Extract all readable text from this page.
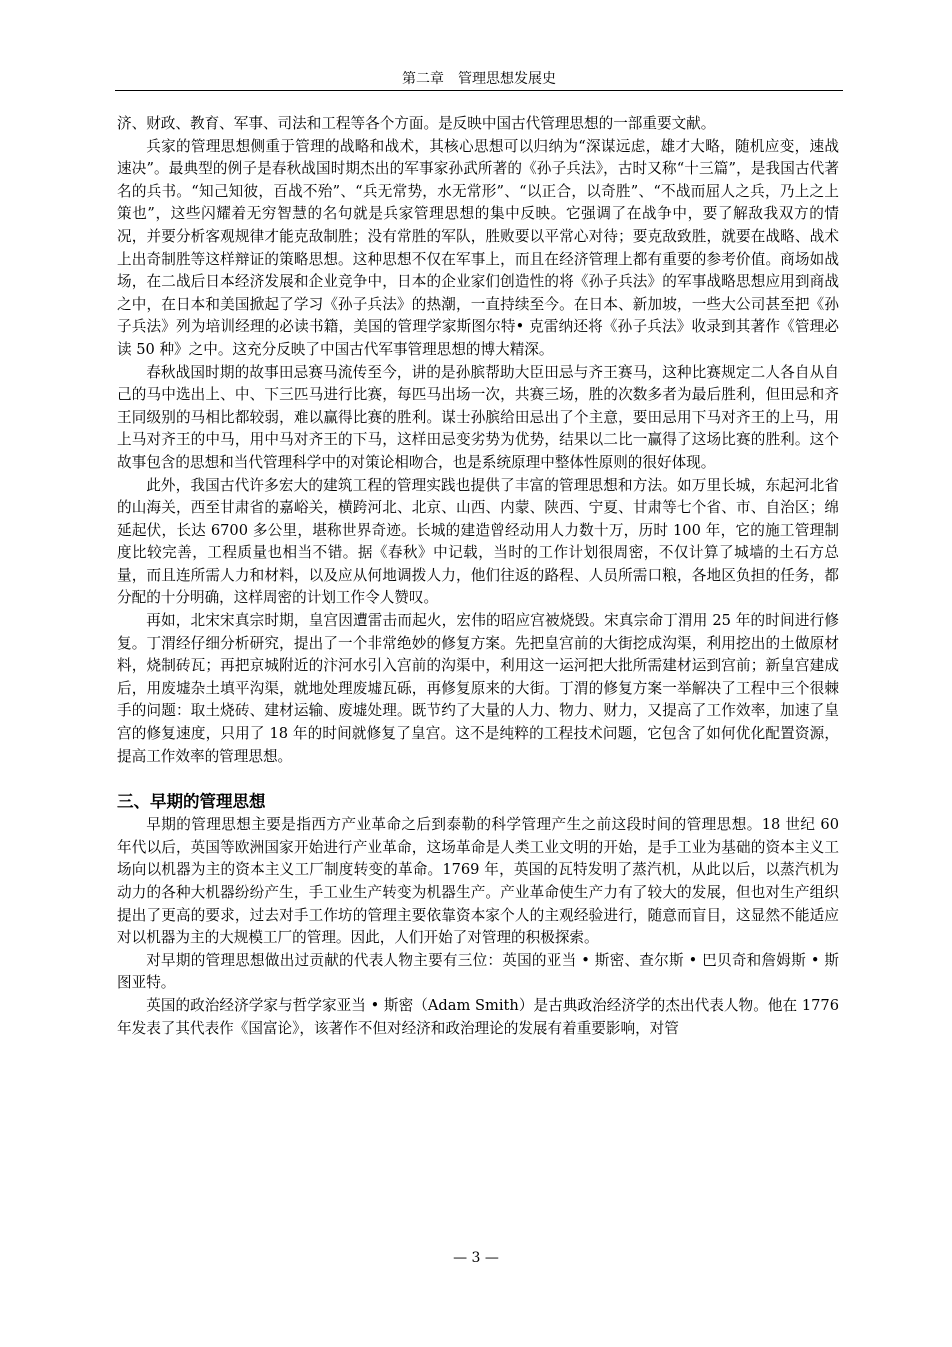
第二章　管理思想发展史

济、财政、教育、军事、司法和工程等各个方面。是反映中国古代管理思想的一部重要文献。

兵家的管理思想侧重于管理的战略和战术，其核心思想可以归纳为“深谋远虑，雄才大略，随机应变，速战速决”。最典型的例子是春秋战国时期杰出的军事家孙武所著的《孙子兵法》，古时又称“十三篇”，是我国古代著名的兵书。“知己知彼，百战不殆”、“兵无常势，水无常形”、“以正合，以奇胜”、“不战而屈人之兵，乃上之上策也”，这些闪耀着无穷智慧的名句就是兵家管理思想的集中反映。它强调了在战争中，要了解敌我双方的情况，并要分析客观规律才能克敌制胜；没有常胜的军队，胜败要以平常心对待；要克敌致胜，就要在战略、战术上出奇制胜等这样辩证的策略思想。这种思想不仅在军事上，而且在经济管理上都有重要的参考价值。商场如战场，在二战后日本经济发展和企业竞争中，日本的企业家们创造性的将《孙子兵法》的军事战略思想应用到商战之中，在日本和美国掀起了学习《孙子兵法》的热潮，一直持续至今。在日本、新加坡，一些大公司甚至把《孙子兵法》列为培训经理的必读书籍，美国的管理学家斯图尔特• 克雷纳还将《孙子兵法》收录到其著作《管理必读 50 种》之中。这充分反映了中国古代军事管理思想的博大精深。

春秋战国时期的故事田忌赛马流传至今，讲的是孙膑帮助大臣田忌与齐王赛马，这种比赛规定二人各自从自己的马中选出上、中、下三匹马进行比赛，每匹马出场一次，共赛三场，胜的次数多者为最后胜利，但田忌和齐王同级别的马相比都较弱，难以赢得比赛的胜利。谋士孙膑给田忌出了个主意，要田忌用下马对齐王的上马，用上马对齐王的中马，用中马对齐王的下马，这样田忌变劣势为优势，结果以二比一赢得了这场比赛的胜利。这个故事包含的思想和当代管理科学中的对策论相吻合，也是系统原理中整体性原则的很好体现。

此外，我国古代许多宏大的建筑工程的管理实践也提供了丰富的管理思想和方法。如万里长城，东起河北省的山海关，西至甘肃省的嘉峪关，横跨河北、北京、山西、内蒙、陕西、宁夏、甘肃等七个省、市、自治区；绵延起伏，长达 6700 多公里，堪称世界奇迹。长城的建造曾经动用人力数十万，历时 100 年，它的施工管理制度比较完善，工程质量也相当不错。据《春秋》中记载，当时的工作计划很周密，不仅计算了城墙的土石方总量，而且连所需人力和材料，以及应从何地调拨人力，他们往返的路程、人员所需口粮，各地区负担的任务，都分配的十分明确，这样周密的计划工作令人赞叹。

再如，北宋宋真宗时期，皇宫因遭雷击而起火，宏伟的昭应宫被烧毁。宋真宗命丁渭用 25 年的时间进行修复。丁渭经仔细分析研究，提出了一个非常绝妙的修复方案。先把皇宫前的大街挖成沟渠，利用挖出的土做原材料，烧制砖瓦；再把京城附近的汴河水引入宫前的沟渠中，利用这一运河把大批所需建材运到宫前；新皇宫建成后，用废墟杂土填平沟渠，就地处理废墟瓦砾，再修复原来的大街。丁渭的修复方案一举解决了工程中三个很棘手的问题：取土烧砖、建材运输、废墟处理。既节约了大量的人力、物力、财力，又提高了工作效率，加速了皇宫的修复速度，只用了 18 年的时间就修复了皇宫。这不是纯粹的工程技术问题，它包含了如何优化配置资源，提高工作效率的管理思想。

三、早期的管理思想

早期的管理思想主要是指西方产业革命之后到泰勒的科学管理产生之前这段时间的管理思想。18 世纪 60 年代以后，英国等欧洲国家开始进行产业革命，这场革命是人类工业文明的开始，是手工业为基础的资本主义工场向以机器为主的资本主义工厂制度转变的革命。1769 年，英国的瓦特发明了蒸汽机，从此以后，以蒸汽机为动力的各种大机器纷纷产生，手工业生产转变为机器生产。产业革命使生产力有了较大的发展，但也对生产组织提出了更高的要求，过去对手工作坊的管理主要依靠资本家个人的主观经验进行，随意而盲目，这显然不能适应对以机器为主的大规模工厂的管理。因此，人们开始了对管理的积极探索。

对早期的管理思想做出过贡献的代表人物主要有三位：英国的亚当 • 斯密、查尔斯 • 巴贝奇和詹姆斯 • 斯图亚特。

英国的政治经济学家与哲学家亚当 • 斯密（Adam Smith）是古典政治经济学的杰出代表人物。他在 1776 年发表了其代表作《国富论》，该著作不但对经济和政治理论的发展有着重要影响，对管

— 3 —
